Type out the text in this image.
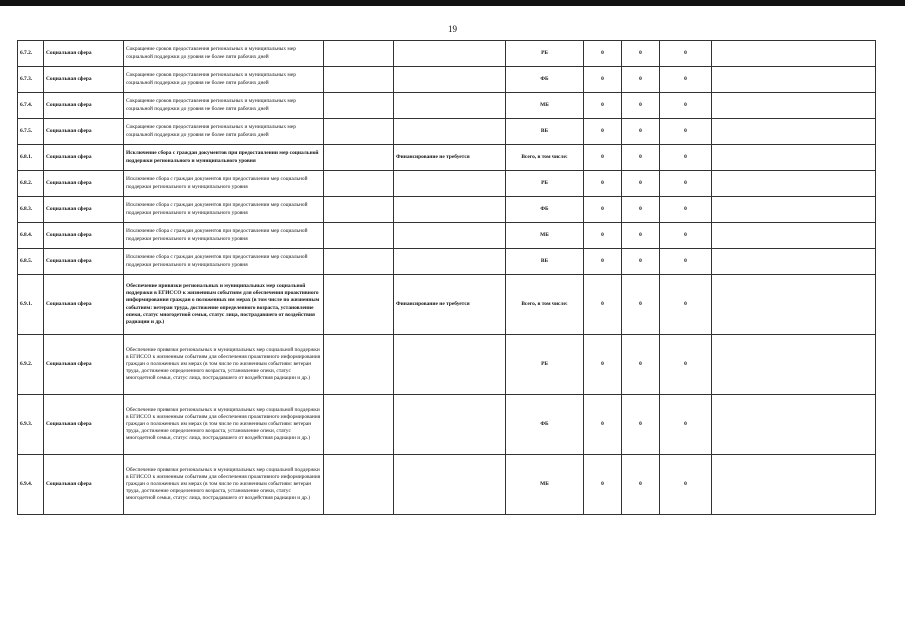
19
6.7.2.	Социальная сфера	Сокращение сроков предоставления региональных и муниципальных мер социальной поддержки до уровня не более пяти рабочих дней			РБ	0	0	0	
6.7.3.	Социальная сфера	Сокращение сроков предоставления региональных и муниципальных мер социальной поддержки до уровня не более пяти рабочих дней			ФБ	0	0	0	
6.7.4.	Социальная сфера	Сокращение сроков предоставления региональных и муниципальных мер социальной поддержки до уровня не более пяти рабочих дней			МБ	0	0	0	
6.7.5.	Социальная сфера	Сокращение сроков предоставления региональных и муниципальных мер социальной поддержки до уровня не более пяти рабочих дней			ВБ	0	0	0	
6.8.1.	Социальная сфера	Исключение сбора с граждан документов при предоставлении мер социальной поддержки регионального и муниципального уровня		Финансирование не требуется	Всего, в том числе:	0	0	0	
6.8.2.	Социальная сфера	Исключение сбора с граждан документов при предоставлении мер социальной поддержки регионального и муниципального уровня			РБ	0	0	0	
6.8.3.	Социальная сфера	Исключение сбора с граждан документов при предоставлении мер социальной поддержки регионального и муниципального уровня			ФБ	0	0	0	
6.8.4.	Социальная сфера	Исключение сбора с граждан документов при предоставлении мер социальной поддержки регионального и муниципального уровня			МБ	0	0	0	
6.8.5.	Социальная сфера	Исключение сбора с граждан документов при предоставлении мер социальной поддержки регионального и муниципального уровня			ВБ	0	0	0	
6.9.1.	Социальная сфера	Обеспечение привязки региональных и муниципальных мер социальной поддержки в ЕГИССО к жизненным событиям для обеспечения проактивного информирования граждан о положенных им мерах (в том числе по жизненным событиям: ветеран труда, достижение определенного возраста, установление опеки, статус многодетной семьи, статус лица, пострадавшего от воздействия радиации и др.)		Финансирование не требуется	Всего, в том числе:	0	0	0	
6.9.2.	Социальная сфера	Обеспечение привязки региональных и муниципальных мер социальной поддержки в ЕГИССО к жизненным событиям для обеспечения проактивного информирования граждан о положенных им мерах (в том числе по жизненным событиям: ветеран труда, достижение определенного возраста, установление опеки, статус многодетной семьи, статус лица, пострадавшего от воздействия радиации и др.)			РБ	0	0	0	
6.9.3.	Социальная сфера	Обеспечение привязки региональных и муниципальных мер социальной поддержки в ЕГИССО к жизненным событиям для обеспечения проактивного информирования граждан о положенных им мерах (в том числе по жизненным событиям: ветеран труда, достижение определенного возраста, установление опеки, статус многодетной семьи, статус лица, пострадавшего от воздействия радиации и др.)			ФБ	0	0	0	
6.9.4.	Социальная сфера	Обеспечение привязки региональных и муниципальных мер социальной поддержки в ЕГИССО к жизненным событиям для обеспечения проактивного информирования граждан о положенных им мерах (в том числе по жизненным событиям: ветеран труда, достижение определенного возраста, установление опеки, статус многодетной семьи, статус лица, пострадавшего от воздействия радиации и др.)			МБ	0	0	0	
